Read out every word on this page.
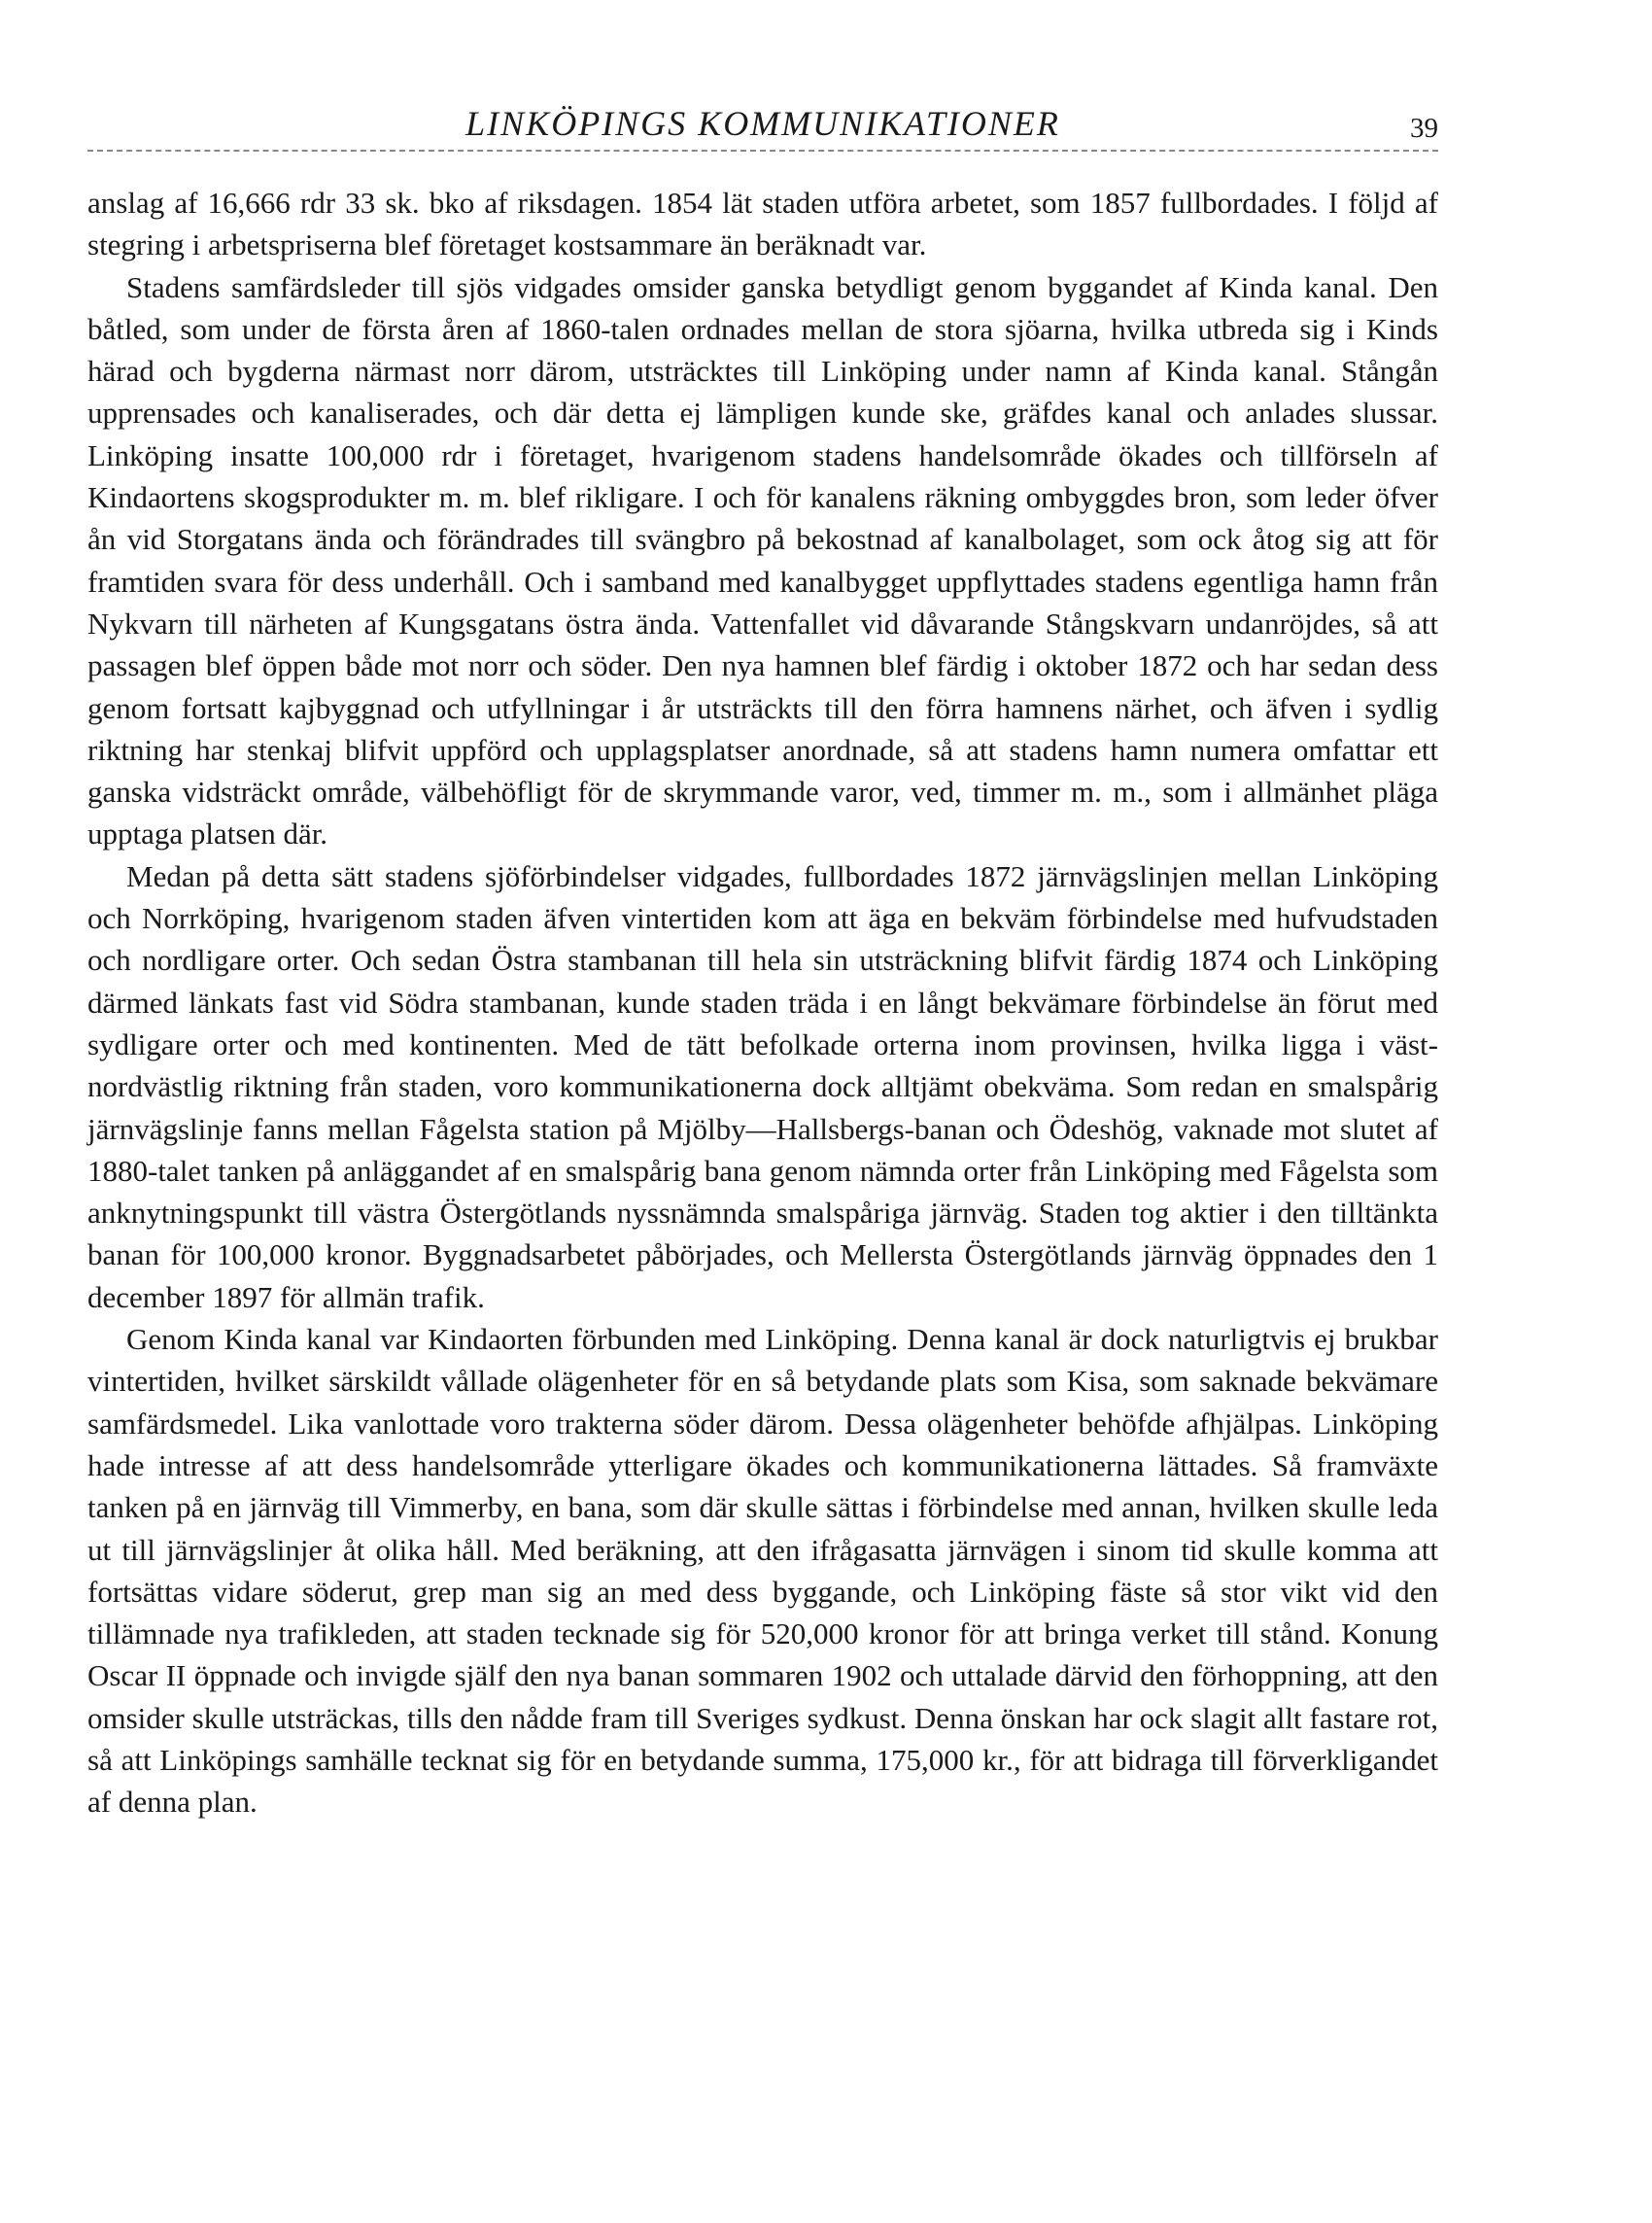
LINKÖPINGS KOMMUNIKATIONER	39

anslag af 16,666 rdr 33 sk. bko af riksdagen. 1854 lät staden utföra arbetet, som 1857 fullbordades. I följd af stegring i arbetspriserna blef företaget kostsammare än beräknadt var.

Stadens samfärdsleder till sjös vidgades omsider ganska betydligt genom byggandet af Kinda kanal. Den båtled, som under de första åren af 1860-talen ordnades mellan de stora sjöarna, hvilka utbreda sig i Kinds härad och bygderna närmast norr därom, utsträcktes till Linköping under namn af Kinda kanal. Stångån upprensades och kanaliserades, och där detta ej lämpligen kunde ske, gräfdes kanal och anlades slussar. Linköping insatte 100,000 rdr i företaget, hvarigenom stadens handelsområde ökades och tillförseln af Kindaortens skogsprodukter m. m. blef rikligare. I och för kanalens räkning ombyggdes bron, som leder öfver ån vid Storgatans ända och förändrades till svängbro på bekostnad af kanalbolaget, som ock åtog sig att för framtiden svara för dess underhåll. Och i samband med kanalbygget uppflyttades stadens egentliga hamn från Nykvarn till närheten af Kungsgatans östra ända. Vattenfallet vid dåvarande Stångskvarn undanröjdes, så att passagen blef öppen både mot norr och söder. Den nya hamnen blef färdig i oktober 1872 och har sedan dess genom fortsatt kajbyggnad och utfyllningar i år utsträckts till den förra hamnens närhet, och äfven i sydlig riktning har stenkaj blifvit uppförd och upplagsplatser anordnade, så att stadens hamn numera omfattar ett ganska vidsträckt område, välbehöfligt för de skrymmande varor, ved, timmer m. m., som i allmänhet pläga upptaga platsen där.

Medan på detta sätt stadens sjöförbindelser vidgades, fullbordades 1872 järnvägslinjen mellan Linköping och Norrköping, hvarigenom staden äfven vintertiden kom att äga en bekväm förbindelse med hufvudstaden och nordligare orter. Och sedan Östra stambanan till hela sin utsträckning blifvit färdig 1874 och Linköping därmed länkats fast vid Södra stambanan, kunde staden träda i en långt bekvämare förbindelse än förut med sydligare orter och med kontinenten. Med de tätt befolkade orterna inom provinsen, hvilka ligga i väst-nordvästlig riktning från staden, voro kommunikationerna dock alltjämt obekväma. Som redan en smalspårig järnvägslinje fanns mellan Fågelsta station på Mjölby—Hallsbergs-banan och Ödeshög, vaknade mot slutet af 1880-talet tanken på anläggandet af en smalspårig bana genom nämnda orter från Linköping med Fågelsta som anknytningspunkt till västra Östergötlands nyssnämnda smalspåriga järnväg. Staden tog aktier i den tilltänkta banan för 100,000 kronor. Byggnadsarbetet påbörjades, och Mellersta Östergötlands järnväg öppnades den 1 december 1897 för allmän trafik.

Genom Kinda kanal var Kindaorten förbunden med Linköping. Denna kanal är dock naturligtvis ej brukbar vintertiden, hvilket särskildt vållade olägenheter för en så betydande plats som Kisa, som saknade bekvämare samfärdsmedel. Lika vanlottade voro trakterna söder därom. Dessa olägenheter behöfde afhjälpas. Linköping hade intresse af att dess handelsområde ytterligare ökades och kommunikationerna lättades. Så framväxte tanken på en järnväg till Vimmerby, en bana, som där skulle sättas i förbindelse med annan, hvilken skulle leda ut till järnvägslinjer åt olika håll. Med beräkning, att den ifrågasatta järnvägen i sinom tid skulle komma att fortsättas vidare söderut, grep man sig an med dess byggande, och Linköping fäste så stor vikt vid den tillämnade nya trafikleden, att staden tecknade sig för 520,000 kronor för att bringa verket till stånd. Konung Oscar II öppnade och invigde själf den nya banan sommaren 1902 och uttalade därvid den förhoppning, att den omsider skulle utsträckas, tills den nådde fram till Sveriges sydkust. Denna önskan har ock slagit allt fastare rot, så att Linköpings samhälle tecknat sig för en betydande summa, 175,000 kr., för att bidraga till förverkligandet af denna plan.
